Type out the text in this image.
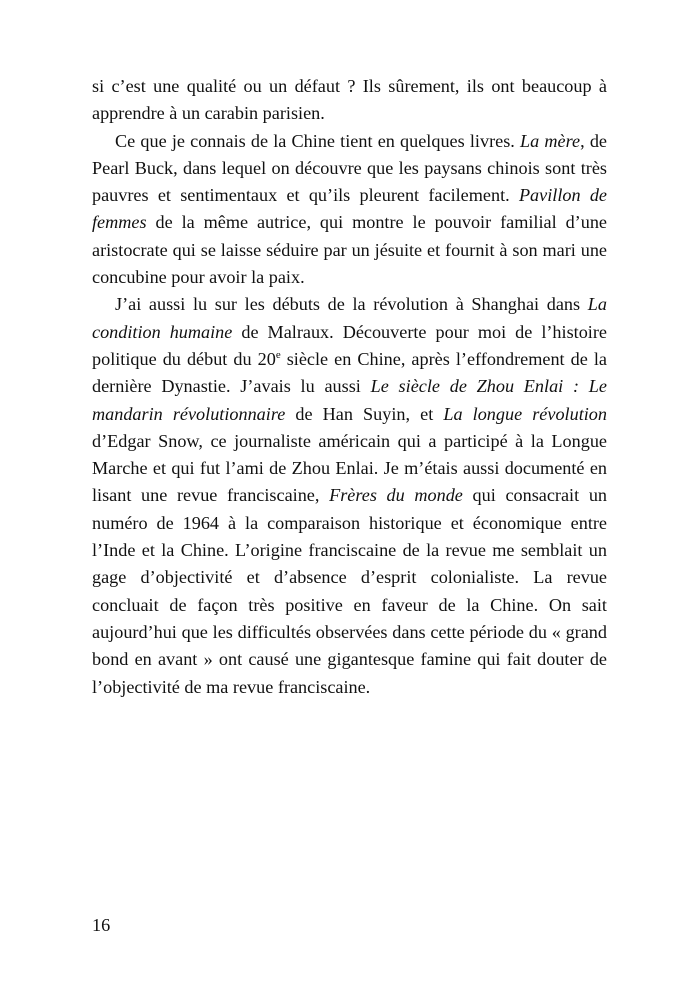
si c’est une qualité ou un défaut ? Ils sûrement, ils ont beaucoup à apprendre à un carabin parisien.

Ce que je connais de la Chine tient en quelques livres. La mère, de Pearl Buck, dans lequel on découvre que les paysans chinois sont très pauvres et sentimentaux et qu’ils pleurent facilement. Pavillon de femmes de la même autrice, qui montre le pouvoir familial d’une aristocrate qui se laisse séduire par un jésuite et fournit à son mari une concubine pour avoir la paix.

J’ai aussi lu sur les débuts de la révolution à Shanghai dans La condition humaine de Malraux. Découverte pour moi de l’histoire politique du début du 20e siècle en Chine, après l’effondrement de la dernière Dynastie. J’avais lu aussi Le siècle de Zhou Enlai : Le mandarin révolutionnaire de Han Suyin, et La longue révolution d’Edgar Snow, ce journaliste américain qui a participé à la Longue Marche et qui fut l’ami de Zhou Enlai. Je m’étais aussi documenté en lisant une revue franciscaine, Frères du monde qui consacrait un numéro de 1964 à la comparaison historique et économique entre l’Inde et la Chine. L’origine franciscaine de la revue me semblait un gage d’objectivité et d’absence d’esprit colonialiste. La revue concluait de façon très positive en faveur de la Chine. On sait aujourd’hui que les difficultés observées dans cette période du « grand bond en avant » ont causé une gigantesque famine qui fait douter de l’objectivité de ma revue franciscaine.

16
